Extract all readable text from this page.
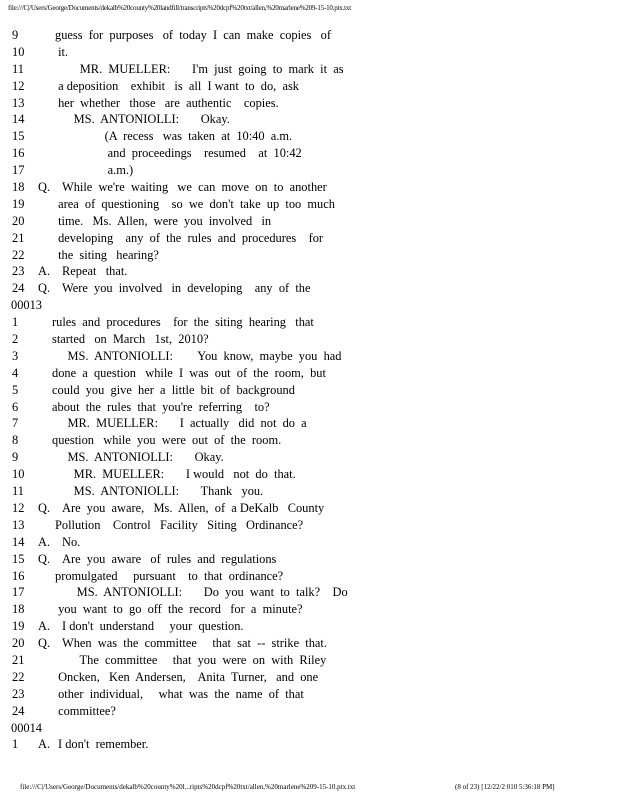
file:///C|/Users/George/Documents/dekalb%20county%20landfill/transcripts%20dcpf%20txt/allen,%20marlene%209-15-10.ptx.txt
9	guess  for  purposes   of  today  I  can  make  copies   of
10	it.
11	MR.  MUELLER:       I'm  just  going  to  mark  it  as
12	a deposition    exhibit   is  all  I want  to  do,  ask
13	her  whether   those   are  authentic    copies.
14	MS.  ANTONIOLLI:       Okay.
15	(A  recess   was  taken  at  10:40  a.m.
16	and  proceedings    resumed    at  10:42
17	a.m.)
18	Q. While  we're  waiting   we  can  move  on  to  another
19	area  of  questioning    so  we  don't  take  up  too  much
20	time.   Ms.  Allen,  were  you  involved   in
21	developing    any  of  the  rules  and  procedures    for
22	the  siting   hearing?
23	A. Repeat   that.
24	Q. Were  you  involved   in  developing    any  of  the
00013
1	rules  and  procedures    for  the  siting  hearing   that
2	started   on  March   1st,  2010?
3	MS.  ANTONIOLLI:        You  know,  maybe  you  had
4	done  a  question   while  I  was  out  of  the  room,  but
5	could  you  give  her  a  little  bit  of  background
6	about  the  rules  that  you're  referring    to?
7	MR.  MUELLER:       I  actually   did  not  do  a
8	question   while  you  were  out  of  the  room.
9	MS.  ANTONIOLLI:       Okay.
10	MR.  MUELLER:       I would   not  do  that.
11	MS.  ANTONIOLLI:       Thank   you.
12	Q. Are  you  aware,   Ms.  Allen,  of  a DeKalb   County
13	Pollution    Control   Facility   Siting   Ordinance?
14	A. No.
15	Q. Are  you  aware   of  rules  and  regulations
16	promulgated     pursuant    to  that  ordinance?
17	MS.  ANTONIOLLI:       Do  you  want  to  talk?    Do
18	you  want  to  go  off  the  record   for  a  minute?
19	A. I don't  understand     your  question.
20	Q. When  was  the  committee     that  sat  --  strike  that.
21	The  committee     that  you  were  on  with  Riley
22	Oncken,   Ken  Andersen,    Anita  Turner,   and  one
23	other  individual,     what  was  the  name  of  that
24	committee?
00014
1	A. I don't  remember.
file:///C|/Users/George/Documents/dekalb%20county%20l...ripts%20dcpf%20txt/allen,%20marlene%209-15-10.ptx.txt	(8 of 23) [12/22/2 010 5:36:18 PM]
